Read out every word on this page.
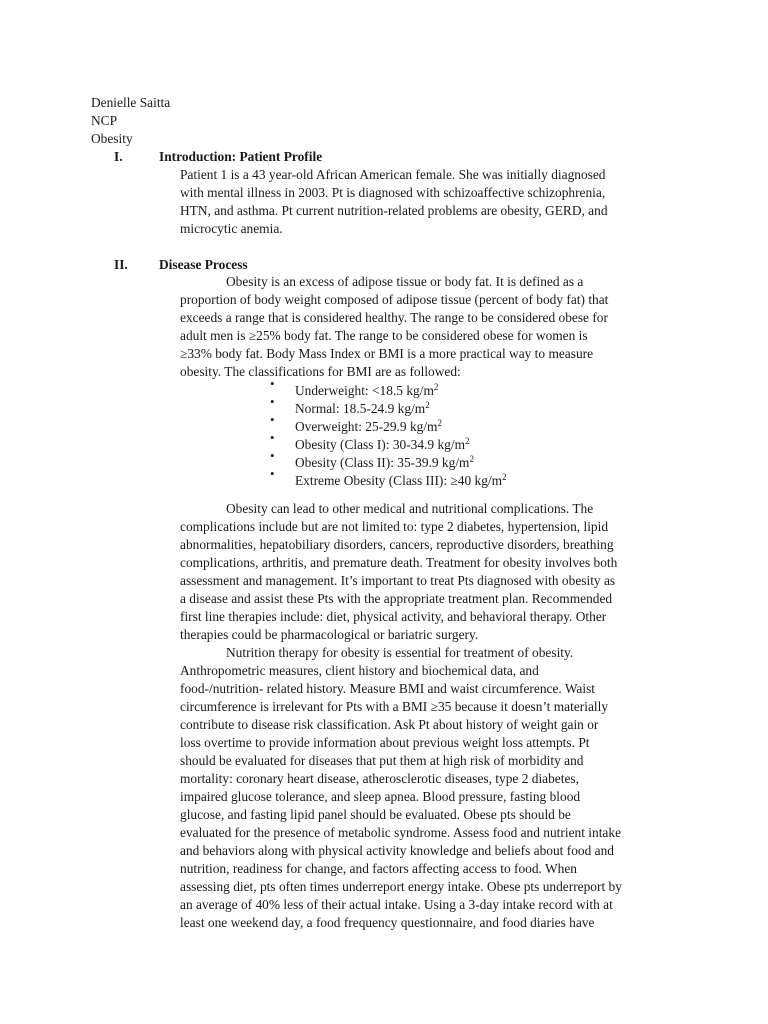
Denielle Saitta
NCP
Obesity
I.	Introduction: Patient Profile
Patient 1 is a 43 year-old African American female. She was initially diagnosed
with mental illness in 2003. Pt is diagnosed with schizoaffective schizophrenia,
HTN, and asthma. Pt current nutrition-related problems are obesity, GERD, and
microcytic anemia.
II. Disease Process
Obesity is an excess of adipose tissue or body fat. It is defined as a
proportion of body weight composed of adipose tissue (percent of body fat) that
exceeds a range that is considered healthy. The range to be considered obese for
adult men is ≥25% body fat. The range to be considered obese for women is
≥33% body fat. Body Mass Index or BMI is a more practical way to measure
obesity. The classifications for BMI are as followed:
• Underweight: <18.5 $kg/m^2$
• Normal: 18.5-24.9 $kg/m^2$
• Overweight: 25-29.9 $kg/m^2$
• Obesity (Class I): 30-34.9 $kg/m^2$
• Obesity (Class II): 35-39.9 $kg/m^2$
• Extreme Obesity (Class III): ≥40 $kg/m^2$
Obesity can lead to other medical and nutritional complications. The
complications include but are not limited to: type 2 diabetes, hypertension, lipid
abnormalities, hepatobiliary disorders, cancers, reproductive disorders, breathing
complications, arthritis, and premature death. Treatment for obesity involves both
assessment and management. It’s important to treat Pts diagnosed with obesity as
a disease and assist these Pts with the appropriate treatment plan. Recommended
first line therapies include: diet, physical activity, and behavioral therapy. Other
therapies could be pharmacological or bariatric surgery.
Nutrition therapy for obesity is essential for treatment of obesity.
Anthropometric measures, client history and biochemical data, and
food-/nutrition- related history. Measure BMI and waist circumference. Waist
circumference is irrelevant for Pts with a BMI ≥35 because it doesn’t materially
contribute to disease risk classification. Ask Pt about history of weight gain or
loss overtime to provide information about previous weight loss attempts. Pt
should be evaluated for diseases that put them at high risk of morbidity and
mortality: coronary heart disease, atherosclerotic diseases, type 2 diabetes,
impaired glucose tolerance, and sleep apnea. Blood pressure, fasting blood
glucose, and fasting lipid panel should be evaluated. Obese pts should be
evaluated for the presence of metabolic syndrome. Assess food and nutrient intake
and behaviors along with physical activity knowledge and beliefs about food and
nutrition, readiness for change, and factors affecting access to food. When
assessing diet, pts often times underreport energy intake. Obese pts underreport by
an average of 40% less of their actual intake. Using a 3-day intake record with at
least one weekend day, a food frequency questionnaire, and food diaries have
